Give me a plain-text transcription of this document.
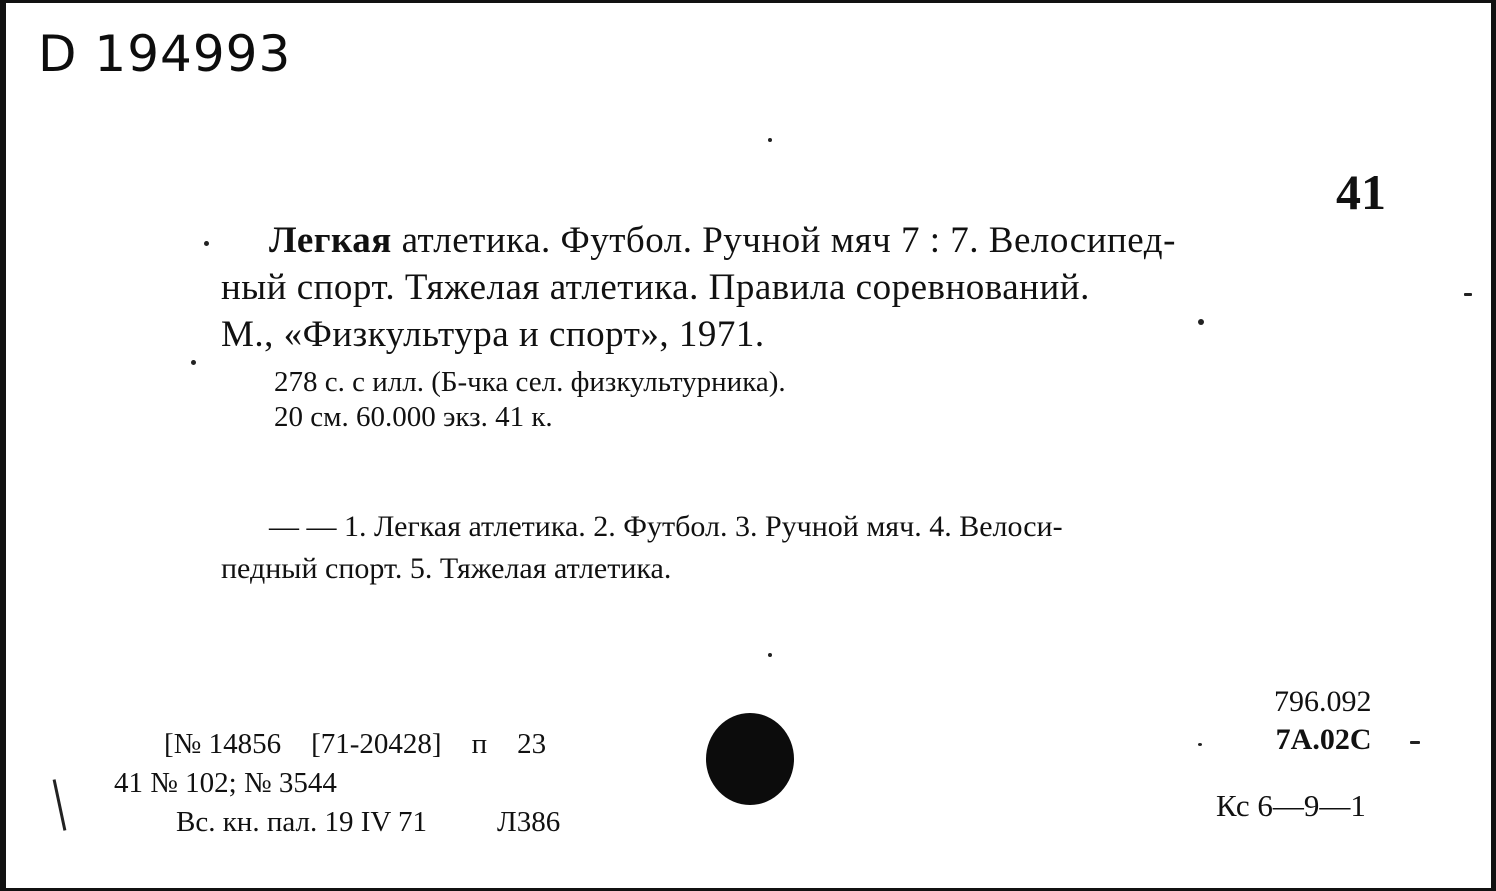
D 194993
41
Легкая атлетика. Футбол. Ручной мяч 7 : 7. Велосипед-
ный спорт. Тяжелая атлетика. Правила соревнований.
М., «Физкультура и спорт», 1971.
278 с. с илл. (Б-чка сел. физкультурника).
20 см. 60.000 экз. 41 к.
— — 1. Легкая атлетика. 2. Футбол. 3. Ручной мяч. 4. Велоси-
педный спорт. 5. Тяжелая атлетика.
796.092
7А.02С
Кс 6—9—1
[№ 14856 [71-20428] п 23
41 № 102; № 3544
Вс. кн. пал. 19 IV 71 Л386
